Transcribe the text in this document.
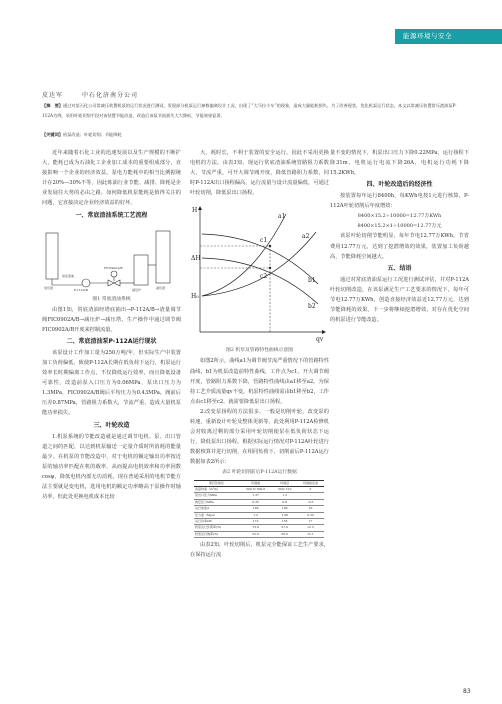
能源环境与安全
皮达军	中石化济南分公司
【摘　要】通过对某石化公司常减压装置机泵的运行状况进行测试，发现部分机泵运行参数偏离设计工况，出现了“大马拉小车”的现象，造成大量能耗损失。为了改善现状，优化机泵运行状态，本文以常减压装置常压渣油泵P-112A为例，采用叶轮切削手段对该装置节能改造，改造后该泵节流损失大大降低，节能效果显著。
【关键词】机泵改造；叶轮切削；节能降耗

近年来随着石化工业的迅速发展以及生产规模的不断扩大，能耗已成为石油化工企业加工成本的重要组成部分，直接影响一个企业的经济效益。泵电力能耗中的相当比例据统计在20%—30%不等，因此炼油行业节能、减排、降耗是企业发展往大势的必由之路。如何降低机泵能耗是值得关注的问题，它直接决定企业经济效益的好坏。

一、常底渣油系统工艺流程
常压塔	P-112A/B
FIC0902A/B
减压炉	减压塔
常底渣油
图1 常底渣油系统

由图1知，常底渣油经塔底抽出→P-112A/B→渣量调节阀FIC0902A/B→减压炉→减压塔，生产操作中通过调节阀FIC0902A/B开度来控制流量。

二、常底渣油泵P-112A运行现状

该泵设计工作加工量为250万吨/年，但实际生产中装置加工负荷偏低，致使P-112A长期在低负荷下运行，机泵运行效率长时期偏离工作点，不仅降低运行效率，而且降低设备可靠性，改造前泵入口压力为0.06MPa，泵出口压力为1.3MPa，FIC0902A/B阀后平均压力为0.43MPa，阀前后压差0.87MPa，管路阻力系数大，节流严重，造成大量机泵能功率损失。

三、叶轮改造

1.机泵系统的节能改造就是通过调节电机、泵、出口管道之间的匹配，以达到机泵输送一定量介质时所消耗的能量最少。在机泵的节能改造中，对于电机的额定输出功率按近泵的轴功率匹配在机的载率，从而提高电机效率和功率因数cosφ，降低电机内部无功消耗，现在普通采用的电机节能方法主要就是变电机，选用电机的额定功率略高于泵操作时轴功率，但此处更换电机成本比较

大，耗时长，不利于装置的安全运行，因此不采用更换电机的方法。由表3知，现运行常底渣油系统管路阻力系数大，节流严重，可开大调节阀开度，降低管路阻力系数，同时P-112A出口扬程偏高，运行流量与设计流量偏低，可通过叶轮切削，降低泵出口扬程。

H
qv
ΔH
H₀
a1
a2
b1
b2
c1
c2
图2 机泵及管路特性曲线示意图

如图2所示，曲线a1为调节阀节流严重情况下的管路特性曲线，b1为机泵改造前特性曲线，工作点为c1。开大调节阀开度，管路阻力系数下降，管路特性曲线由a1移至a2。为保持工艺介质流量qv不变，机泵特性曲线需由b1移至b2，工作点由c1移至c2，就需要降低泵出口扬程。

2.改变泵扬程的方法很多，一般是切削叶轮，改变泵的转速，重新设计叶轮及整体更新等。此处利用P-112A检修机会对收离过剩的部分采用叶轮切削使泵在低负荷状态下运行，降低泵出口扬程。根据实际运行情况对P-112A叶轮进行数据核算并进行切削，在相同负荷下，切削前后P-112A运行数据如表2所示：

表2 叶轮切削前后P-112A运行数据
项目及单位	切削前	切削后	切削前后差
流量均值（m³/h）	304.5/ 309.6	300/ 310	5
泵出口压力MPa	1.37	1.2	-
阀后压力MPa	0.35	0.8	-0.5
运行电流A	196	180	16
压力差（Mpa）	1.2	1.06	0.32
运行功率kW	172	155	17
机泵运行负荷率(%)	73.0	57.0	12.3
机泵运行效率(%)	52.0	66.0	12.1

由表2知，叶轮切削后，机泵完全能保证工艺生产要求，在保持运行流

量不变的情况下，机泵出口压力下降0.22MPa，运行扬程下降31m，电机运行电流下降26A，电机运行功耗下降15.2KWh。

四、叶轮改造后的经济性

按装置每年运行8400h，每KWh电按1元进行核算，P-112A叶轮切削后年度增效：

8400×15.2÷10000=12.77万KWh
8400×15.2×1÷10000=12.77万元

该泵叶轮切削节能明显，每年节电12.77万KWh，节省费用12.77万元，达到了挖潜增效的效果，装置加工负荷越高，节能降耗空间越大。

五、结语

通过对常底渣油泵运行工况进行测试评估，并对P-112A叶轮切削改造，在该泵满足生产工艺要求的情况下，每年可节电12.77万KWh，创造直接经济效益近12.77万元，达到节能降耗的效果。下一步将继续挖潜增效，对存在优化空间的机泵进行节能改造。

83
